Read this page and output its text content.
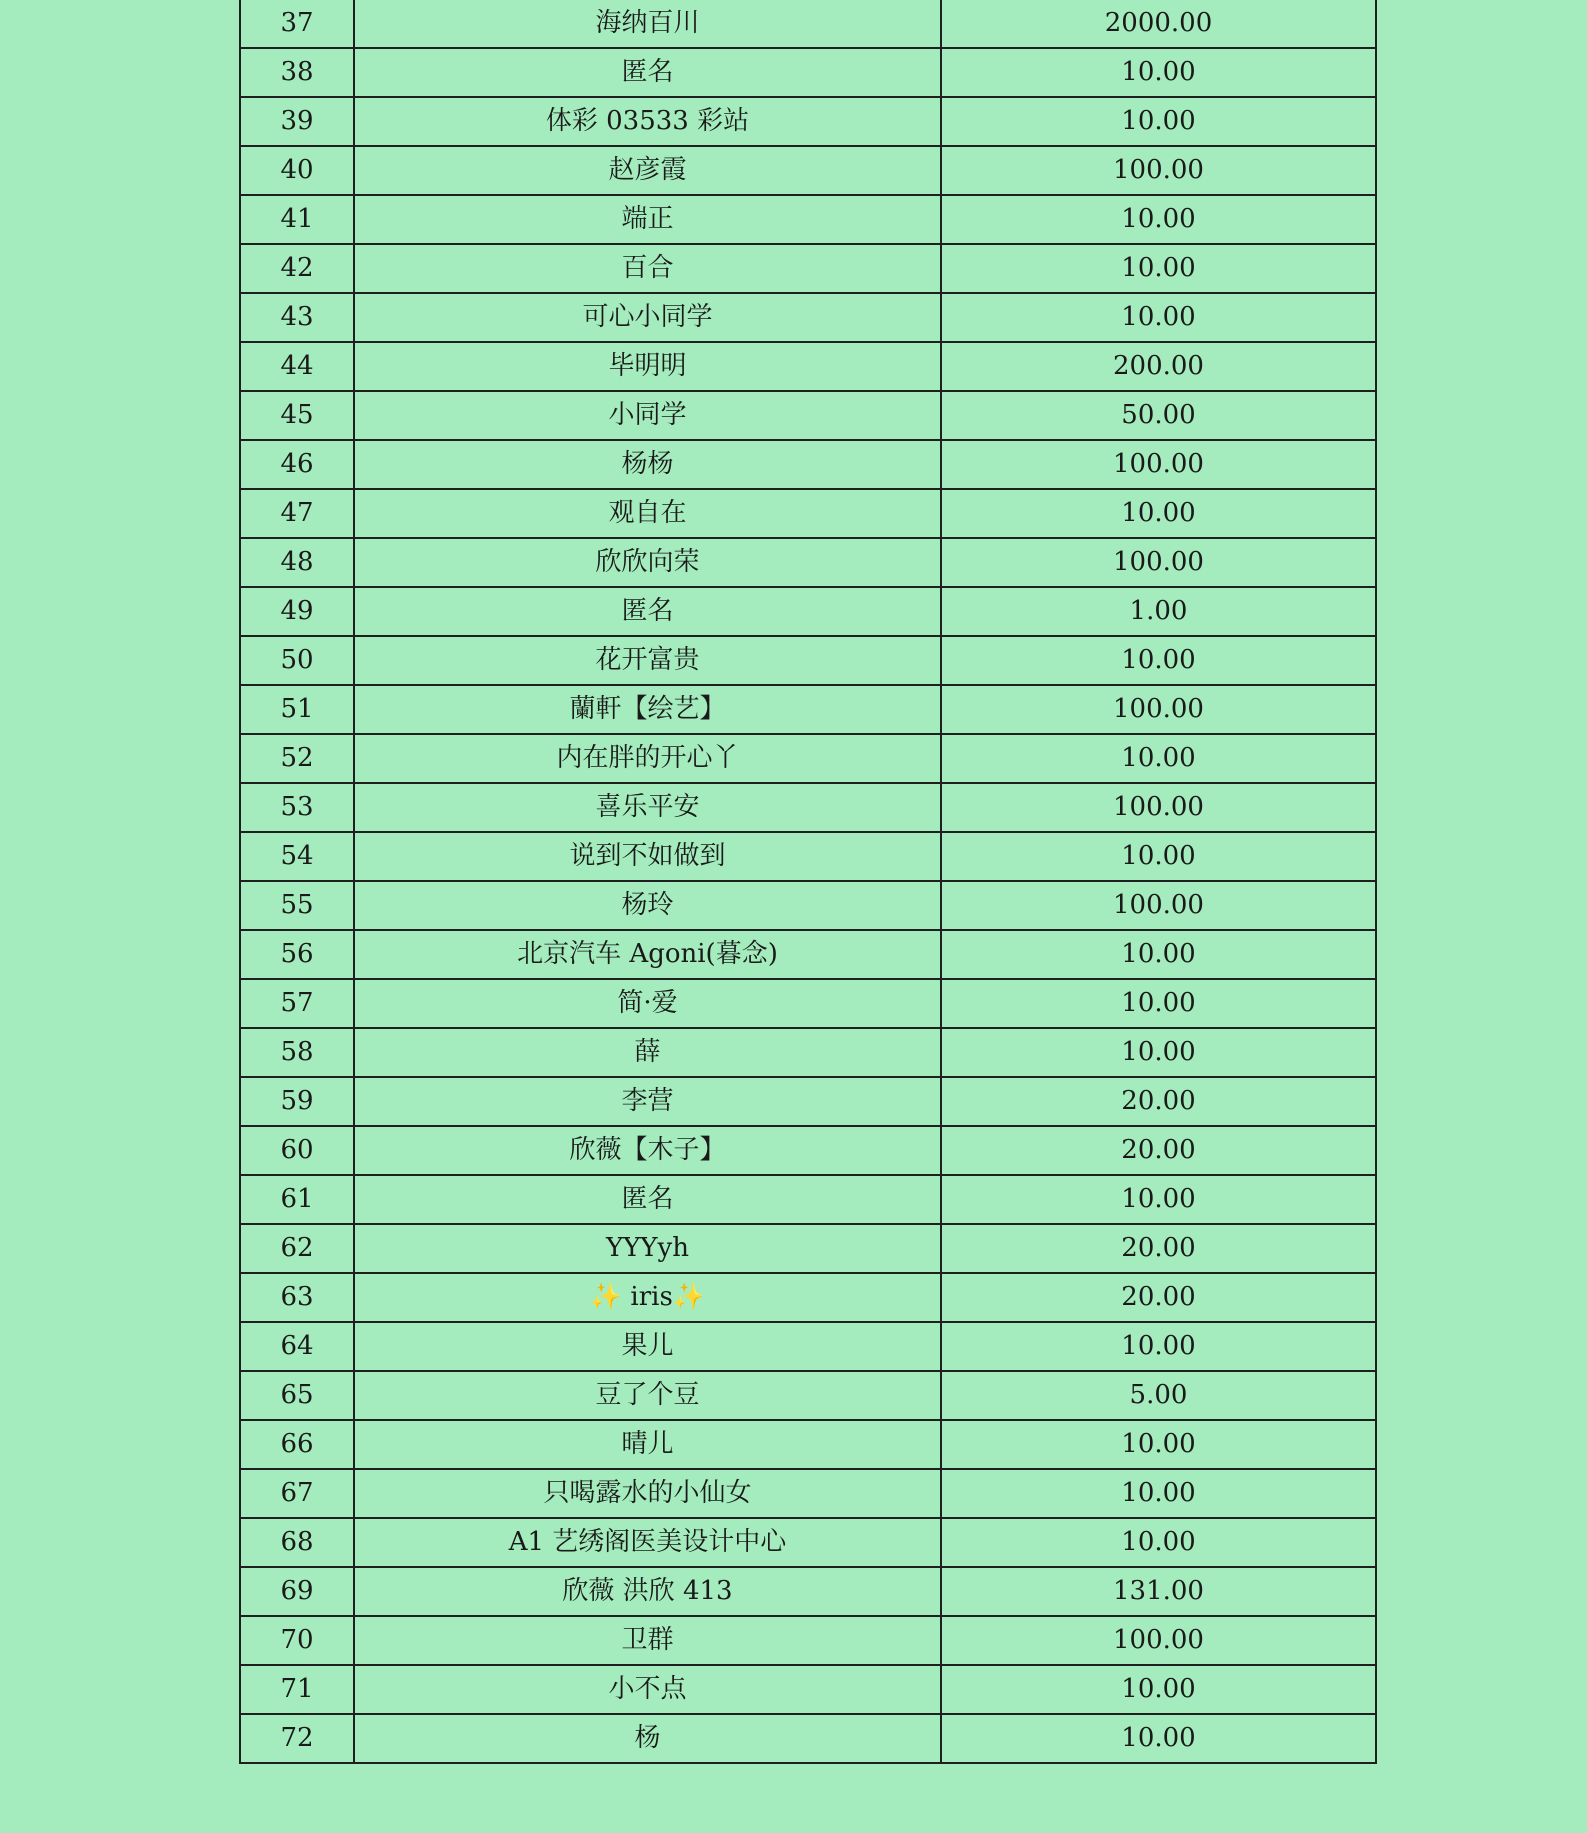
37	海纳百川	2000.00
38	匿名	10.00
39	体彩 03533 彩站	10.00
40	赵彦霞	100.00
41	端正	10.00
42	百合	10.00
43	可心小同学	10.00
44	毕明明	200.00
45	小同学	50.00
46	杨杨	100.00
47	观自在	10.00
48	欣欣向荣	100.00
49	匿名	1.00
50	花开富贵	10.00
51	蘭軒【绘艺】	100.00
52	内在胖的开心丫	10.00
53	喜乐平安	100.00
54	说到不如做到	10.00
55	杨玲	100.00
56	北京汽车 Agoni(暮念)	10.00
57	简·爱	10.00
58	薛	10.00
59	李营	20.00
60	欣薇【木子】	20.00
61	匿名	10.00
62	YYYyh	20.00
63	✨ iris✨	20.00
64	果儿	10.00
65	豆了个豆	5.00
66	晴儿	10.00
67	只喝露水的小仙女	10.00
68	A1 艺绣阁医美设计中心	10.00
69	欣薇 洪欣 413	131.00
70	卫群	100.00
71	小不点	10.00
72	杨	10.00
